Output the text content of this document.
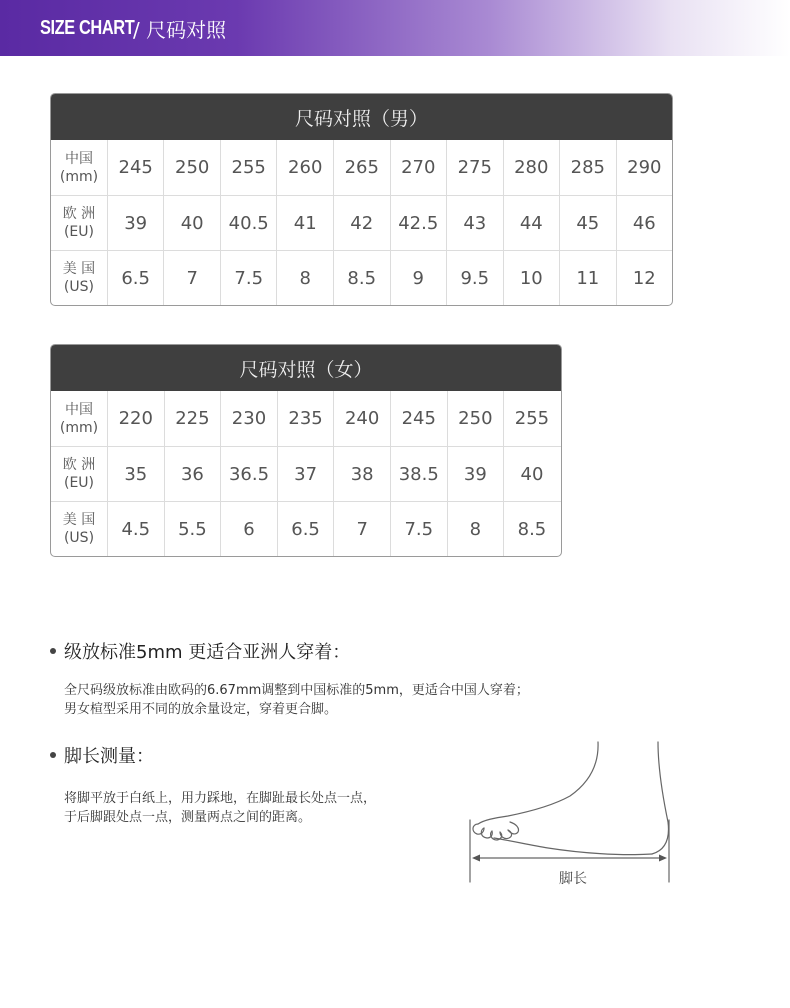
SIZE CHART
/ 尺码对照
尺码对照（男）
中国
(mm)	245	250	255	260	265	270	275	280	285	290
欧 洲
(EU)	39	40	40.5	41	42	42.5	43	44	45	46
美 国
(US)	6.5	7	7.5	8	8.5	9	9.5	10	11	12
尺码对照（女）
中国
(mm)	220	225	230	235	240	245	250	255
欧 洲
(EU)	35	36	36.5	37	38	38.5	39	40
美 国
(US)	4.5	5.5	6	6.5	7	7.5	8	8.5
级放标准5mm 更适合亚洲人穿着：
全尺码级放标准由欧码的6.67mm调整到中国标准的5mm，更适合中国人穿着；
男女楦型采用不同的放余量设定，穿着更合脚。
脚长测量：
将脚平放于白纸上，用力踩地，在脚趾最长处点一点，
于后脚跟处点一点，测量两点之间的距离。
脚长
